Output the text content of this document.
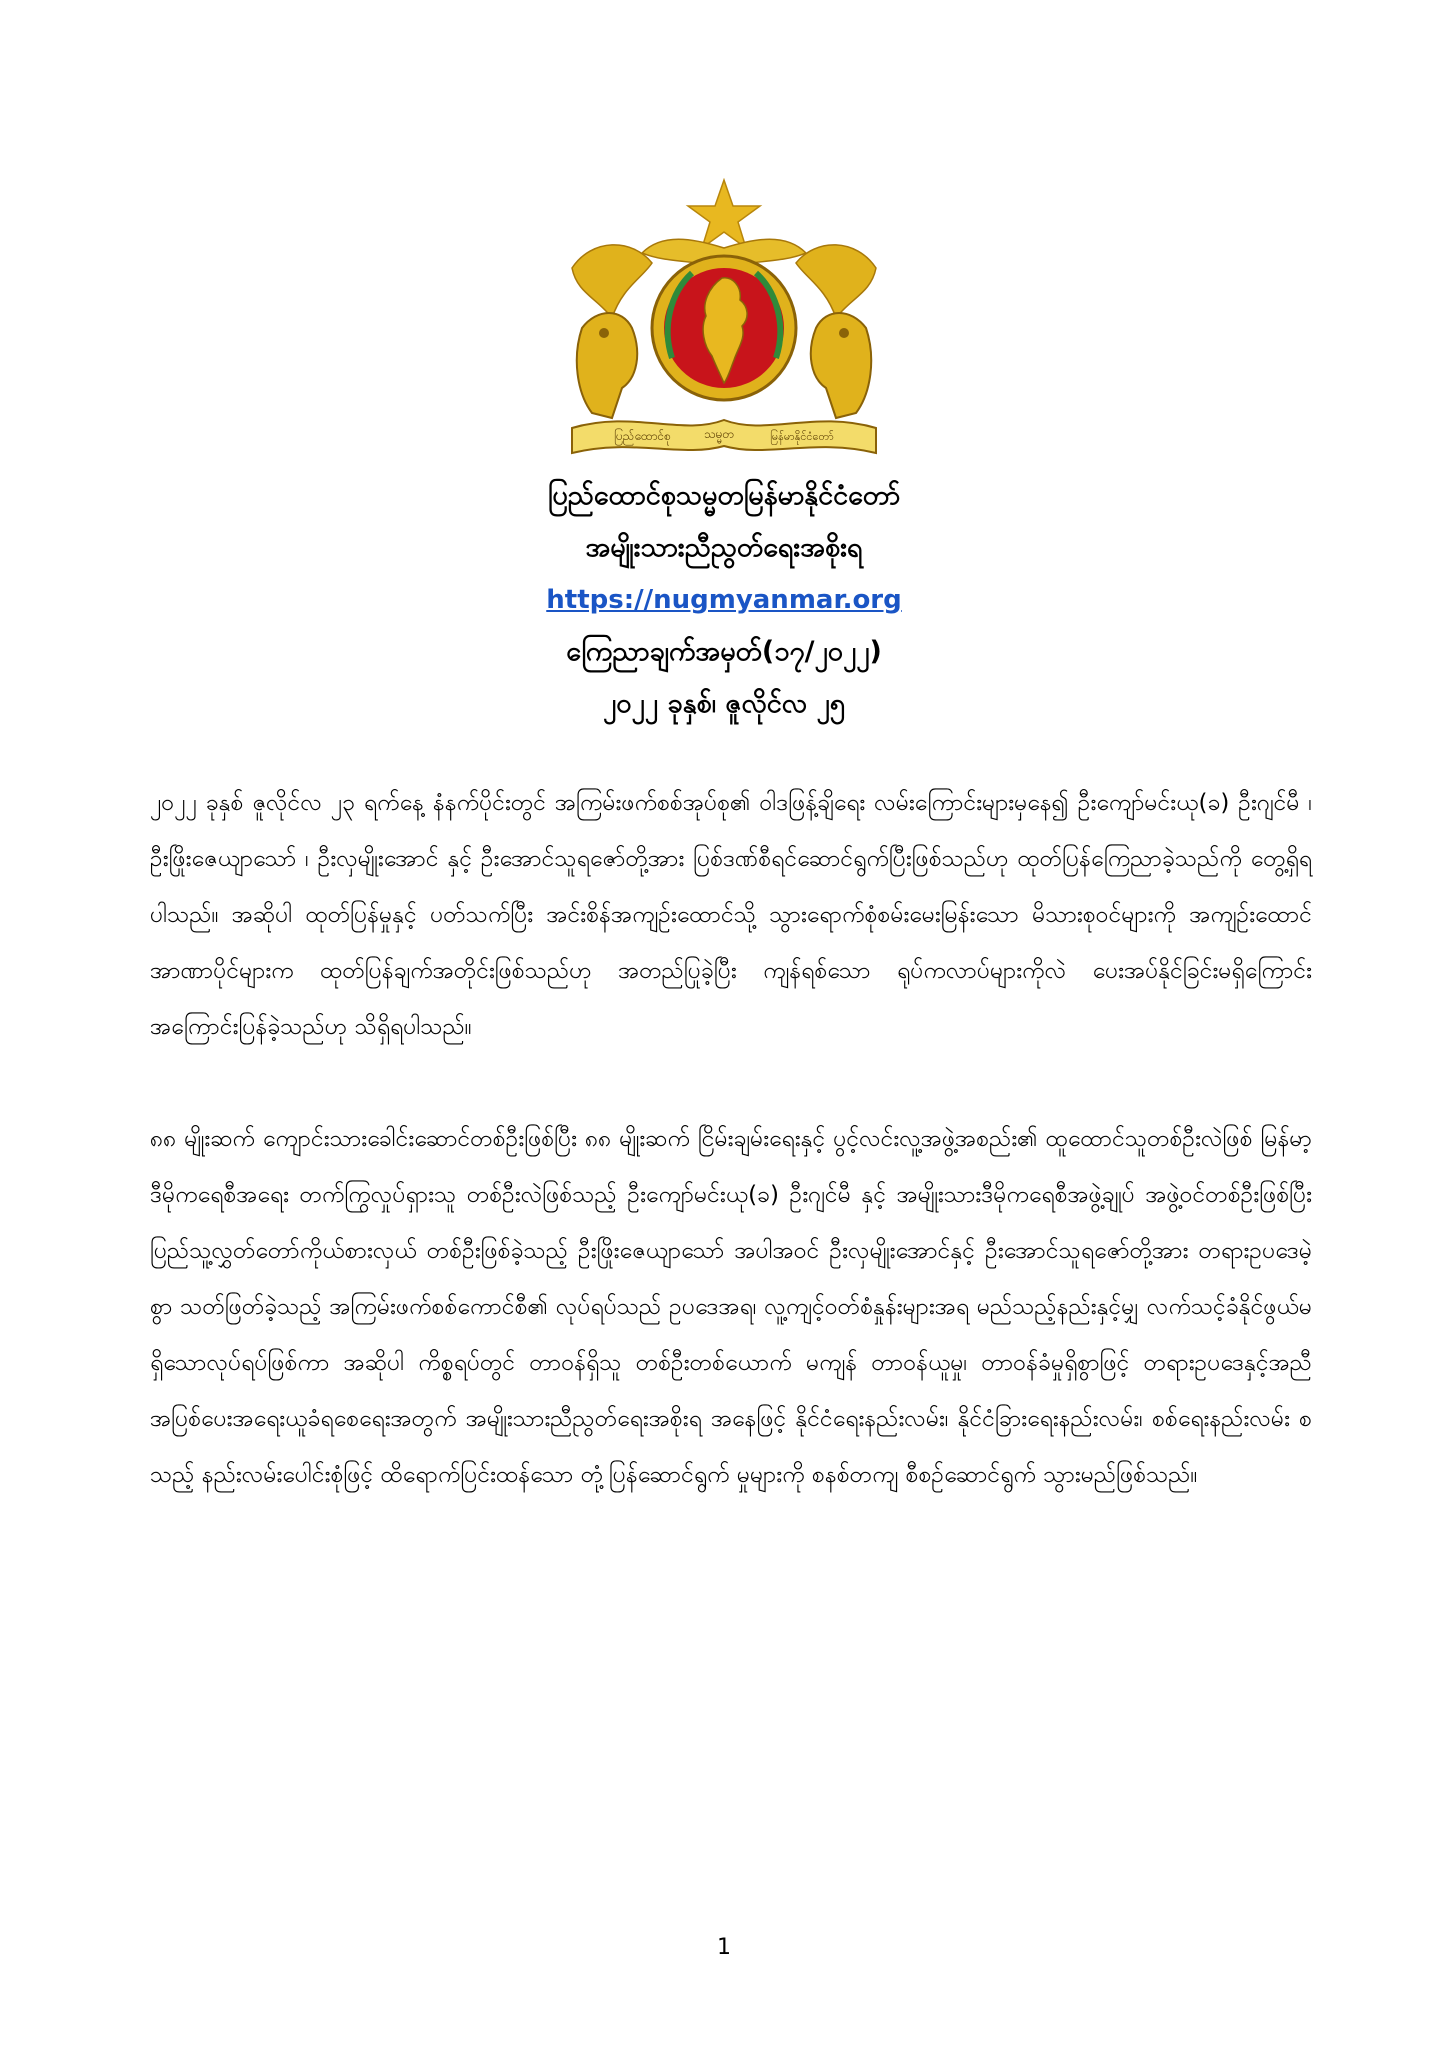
ပြည်ထောင်စု	သမ္မတ	မြန်မာနိုင်ငံတော်
ပြည်ထောင်စုသမ္မတမြန်မာနိုင်ငံတော်
အမျိုးသားညီညွတ်ရေးအစိုးရ
https://nugmyanmar.org
ကြေညာချက်အမှတ်(၁၇/၂၀၂၂)
၂၀၂၂ ခုနှစ်၊ ဇူလိုင်လ ၂၅

၂၀၂၂ ခုနှစ် ဇူလိုင်လ ၂၃ ရက်နေ့ နံနက်ပိုင်းတွင် အကြမ်းဖက်စစ်အုပ်စု၏ ဝါဒဖြန့်ချိရေး လမ်းကြောင်းများမှနေ၍ ဦးကျော်မင်းယု(ခ) ဦးဂျင်မီ ၊ ဦးဖြိုးဇေယျာသော် ၊ ဦးလှမျိုးအောင် နှင့် ဦးအောင်သူရဇော်တို့အား ပြစ်ဒဏ်စီရင်ဆောင်ရွက်ပြီးဖြစ်သည်ဟု ထုတ်ပြန်ကြေညာခဲ့သည်ကို တွေ့ရှိရပါသည်။ အဆိုပါ ထုတ်ပြန်မှုနှင့် ပတ်သက်ပြီး အင်းစိန်အကျဉ်းထောင်သို့ သွားရောက်စုံစမ်းမေးမြန်းသော မိသားစုဝင်များကို အကျဉ်းထောင်အာဏာပိုင်များက ထုတ်ပြန်ချက်အတိုင်းဖြစ်သည်ဟု အတည်ပြုခဲ့ပြီး ကျန်ရစ်သော ရုပ်ကလာပ်များကိုလဲ ပေးအပ်နိုင်ခြင်းမရှိကြောင်း အကြောင်းပြန်ခဲ့သည်ဟု သိရှိရပါသည်။

၈၈ မျိုးဆက် ကျောင်းသားခေါင်းဆောင်တစ်ဦးဖြစ်ပြီး ၈၈ မျိုးဆက် ငြိမ်းချမ်းရေးနှင့် ပွင့်လင်းလူ့အဖွဲ့အစည်း၏ ထူထောင်သူတစ်ဦးလဲဖြစ် မြန်မာ့ဒီမိုကရေစီအရေး တက်ကြွလှုပ်ရှားသူ တစ်ဦးလဲဖြစ်သည့် ဦးကျော်မင်းယု(ခ) ဦးဂျင်မီ နှင့် အမျိုးသားဒီမိုကရေစီအဖွဲ့ချုပ် အဖွဲ့ဝင်တစ်ဦးဖြစ်ပြီး ပြည်သူ့လွှတ်တော်ကိုယ်စားလှယ် တစ်ဦးဖြစ်ခဲ့သည့် ဦးဖြိုးဇေယျာသော် အပါအဝင် ဦးလှမျိုးအောင်နှင့် ဦးအောင်သူရဇော်တို့အား တရားဥပဒေမဲ့စွာ သတ်ဖြတ်ခဲ့သည့် အကြမ်းဖက်စစ်ကောင်စီ၏ လုပ်ရပ်သည် ဥပဒေအရ၊ လူ့ကျင့်ဝတ်စံနှုန်းများအရ မည်သည့်နည်းနှင့်မျှ လက်သင့်ခံနိုင်ဖွယ်မရှိသောလုပ်ရပ်ဖြစ်ကာ အဆိုပါ ကိစ္စရပ်တွင် တာဝန်ရှိသူ တစ်ဦးတစ်ယောက် မကျန် တာဝန်ယူမှု၊ တာဝန်ခံမှုရှိစွာဖြင့် တရားဥပဒေနှင့်အညီ အပြစ်ပေးအရေးယူခံရစေရေးအတွက် အမျိုးသားညီညွတ်ရေးအစိုးရ အနေဖြင့် နိုင်ငံရေးနည်းလမ်း၊ နိုင်ငံခြားရေးနည်းလမ်း၊ စစ်ရေးနည်းလမ်း စသည့် နည်းလမ်းပေါင်းစုံဖြင့် ထိရောက်ပြင်းထန်သော တုံ့ပြန်ဆောင်ရွက် မှုများကို စနစ်တကျ စီစဉ်ဆောင်ရွက် သွားမည်ဖြစ်သည်။

1
